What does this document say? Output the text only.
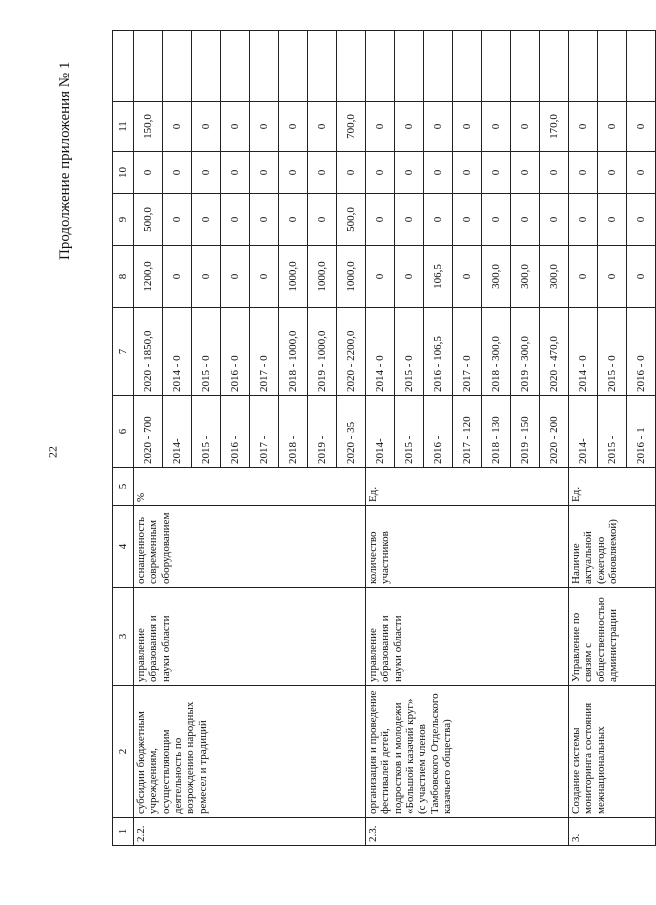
22
Продолжение приложения № 1
1	2	3	4	5	6	7	8	9	10	11	
2.2.	субсидии бюджетным учреждениям, осуществляющим деятельность по возрождению народных ремесел и традиций	управление образования и науки области	оснащенность современным оборудованием	%	2020 - 700	2020 - 1850,0	1200,0	500,0	0	150,0	
					2014-	2014 - 0	0	0	0	0	
					2015 -	2015 - 0	0	0	0	0	
					2016 -	2016 - 0	0	0	0	0	
					2017 -	2017 - 0	0	0	0	0	
					2018 -	2018 - 1000,0	1000,0	0	0	0	
					2019 -	2019 - 1000,0	1000,0	0	0	0	
					2020 - 35	2020 - 2200,0	1000,0	500,0	0	700,0	
2.3.	организация и проведение фестивалей детей, подростков и молодежи «Большой казачий круг» (с участием членов Тамбовского Отдельского казачьего общества)	управление образования и науки области	количество участников	Ед.	2014-	2014 - 0	0	0	0	0	
					2015 -	2015 - 0	0	0	0	0	
					2016 -	2016 - 106,5	106,5	0	0	0	
					2017 - 120	2017 - 0	0	0	0	0	
					2018 - 130	2018 - 300,0	300,0	0	0	0	
					2019 - 150	2019 - 300,0	300,0	0	0	0	
					2020 - 200	2020 - 470,0	300,0	0	0	170,0	
3.	Создание системы мониторинга состояния межнациональных	Управление по связям с общественностью администрации	Наличие актуальной (ежегодно обновляемой)	Ед.	2014-	2014 - 0	0	0	0	0	
					2015 -	2015 - 0	0	0	0	0	
					2016 - 1	2016 - 0	0	0	0	0	
